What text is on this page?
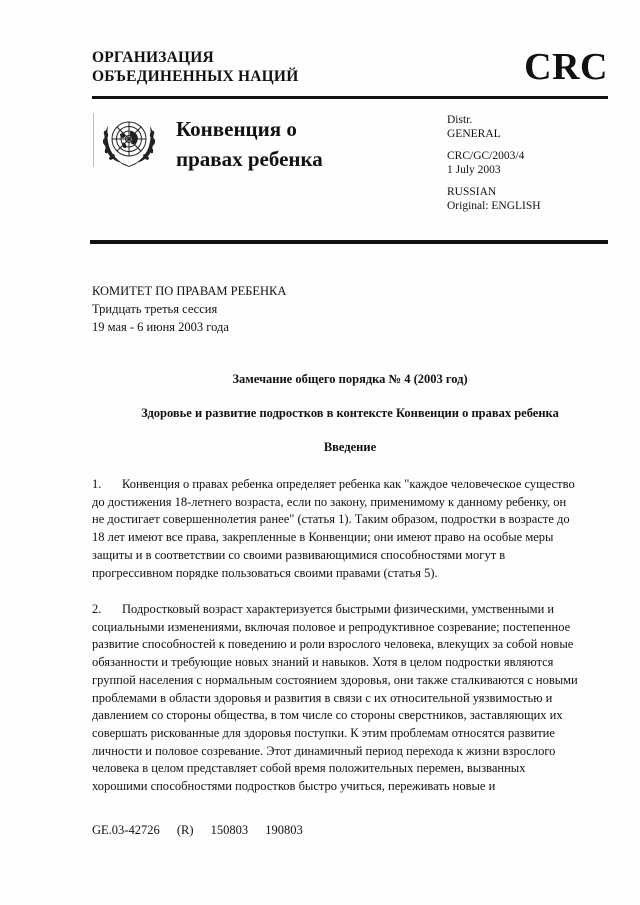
ОРГАНИЗАЦИЯ
ОБЪЕДИНЕННЫХ НАЦИЙ	CRC
Конвенция о
правах ребенка
Distr.
GENERAL
CRC/GC/2003/4
1 July 2003
RUSSIAN
Original: ENGLISH
КОМИТЕТ ПО ПРАВАМ РЕБЕНКА
Тридцать третья сессия
19 мая - 6 июня 2003 года
Замечание общего порядка № 4 (2003 год)
Здоровье и развитие подростков в контексте Конвенции о правах ребенка
Введение
1. Конвенция о правах ребенка определяет ребенка как "каждое человеческое существо
до достижения 18-летнего возраста, если по закону, применимому к данному ребенку, он
не достигает совершеннолетия ранее" (статья 1). Таким образом, подростки в возрасте до
18 лет имеют все права, закрепленные в Конвенции; они имеют право на особые меры
защиты и в соответствии со своими развивающимися способностями могут в
прогрессивном порядке пользоваться своими правами (статья 5).
2. Подростковый возраст характеризуется быстрыми физическими, умственными и
социальными изменениями, включая половое и репродуктивное созревание; постепенное
развитие способностей к поведению и роли взрослого человека, влекущих за собой новые
обязанности и требующие новых знаний и навыков. Хотя в целом подростки являются
группой населения с нормальным состоянием здоровья, они также сталкиваются с новыми
проблемами в области здоровья и развития в связи с их относительной уязвимостью и
давлением со стороны общества, в том числе со стороны сверстников, заставляющих их
совершать рискованные для здоровья поступки. К этим проблемам относятся развитие
личности и половое созревание. Этот динамичный период перехода к жизни взрослого
человека в целом представляет собой время положительных перемен, вызванных
хорошими способностями подростков быстро учиться, переживать новые и
GE.03-42726 (R) 150803 190803
